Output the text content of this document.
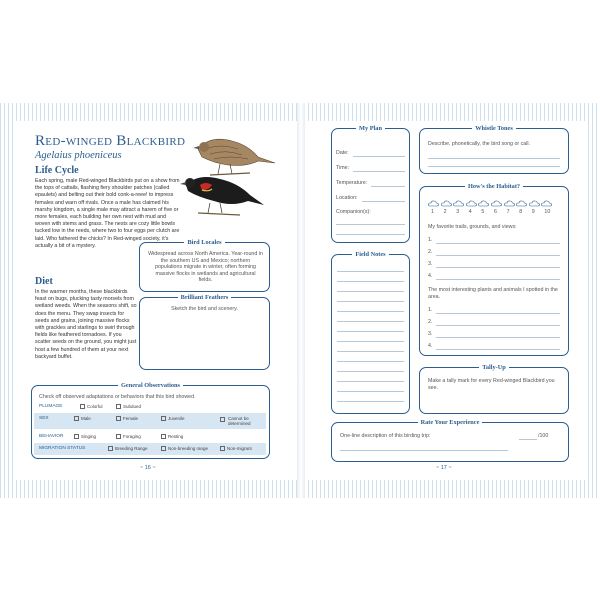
Red-winged Blackbird
Agelaius phoeniceus
Life Cycle
Each spring, male Red-winged Blackbirds put on a show from the tops of cattails, flashing fiery shoulder patches (called epaulets) and belting out their bold conk-a-reee! to impress females and warn off rivals. Once a male has claimed his marshy kingdom, a single male may attract a harem of five or more females, each building her own nest with mud and woven with stems and grass. The nests are cozy little bowls tucked low in the reeds, where two to four eggs per clutch are laid. Who fathered the chicks? In Red-winged society, it's actually a bit of a mystery.
Diet
In the warmer months, these blackbirds feast on bugs, plucking tasty morsels from wetland weeds. When the seasons shift, so does the menu. They swap insects for seeds and grains, joining massive flocks with grackles and starlings to swirl through fields like feathered tornadoes. If you scatter seeds on the ground, you might just host a few hundred of them at your next backyard buffet.
Bird Locales
Widespread across North America. Year-round in the southern US and Mexico; northern populations migrate in winter, often forming massive flocks in wetlands and agricultural fields.
Brilliant Feathers
Sketch the bird and scenery.
General Observations
Check off observed adaptations or behaviors that this bird showed.
PLUMAGE	Colorful	Subdued
SEX	Male	Female	Juvenile	Cannot be determined
BEHAVIOR	Singing	Foraging	Resting
MIGRATION STATUS	Breeding Range	Non-breeding range	Non-migrant
~ 16 ~
My Plan
Date:
Time:
Temperature:
Location:
Companion(s):
Field Notes
Whistle Tones
Describe, phonetically, the bird song or call.
How's the Habitat?
1 2 3 4 5 6 7 8 9 10
My favorite trails, grounds, and views:
1.
2.
3.
4.
The most interesting plants and animals I spotted in the area.
1.
2.
3.
4.
Tally-Up
Make a tally mark for every Red-winged Blackbird you see.
Rate Your Experience
One-line description of this birding trip:	/100
~ 17 ~
